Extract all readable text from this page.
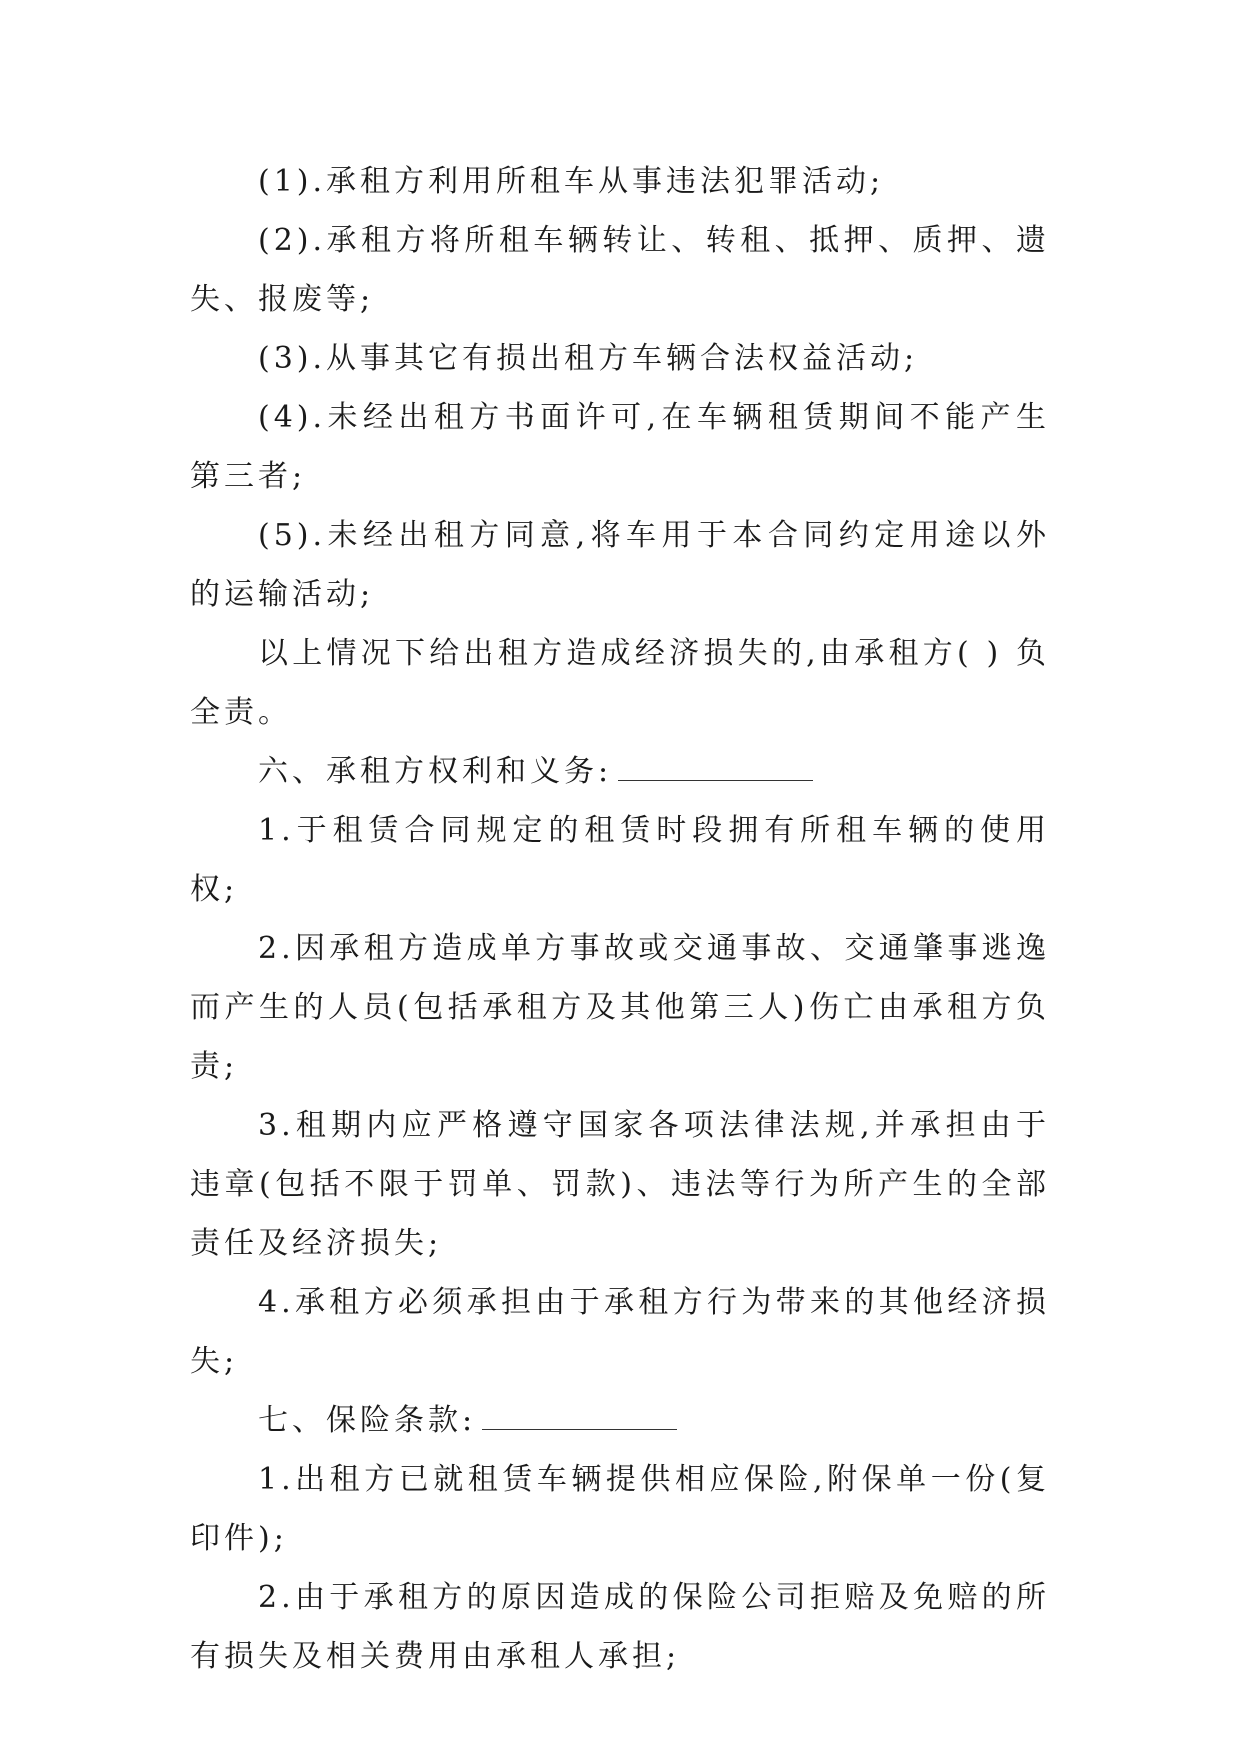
(1).承租方利用所租车从事违法犯罪活动;

(2).承租方将所租车辆转让、转租、抵押、质押、遗失、报废等;

(3).从事其它有损出租方车辆合法权益活动;

(4).未经出租方书面许可,在车辆租赁期间不能产生第三者;

(5).未经出租方同意,将车用于本合同约定用途以外的运输活动;

以上情况下给出租方造成经济损失的,由承租方( ) 负全责。

六、承租方权利和义务:

1.于租赁合同规定的租赁时段拥有所租车辆的使用权;

2.因承租方造成单方事故或交通事故、交通肇事逃逸而产生的人员(包括承租方及其他第三人)伤亡由承租方负责;

3.租期内应严格遵守国家各项法律法规,并承担由于违章(包括不限于罚单、罚款)、违法等行为所产生的全部责任及经济损失;

4.承租方必须承担由于承租方行为带来的其他经济损失;

七、保险条款:

1.出租方已就租赁车辆提供相应保险,附保单一份(复印件);

2.由于承租方的原因造成的保险公司拒赔及免赔的所有损失及相关费用由承租人承担;
